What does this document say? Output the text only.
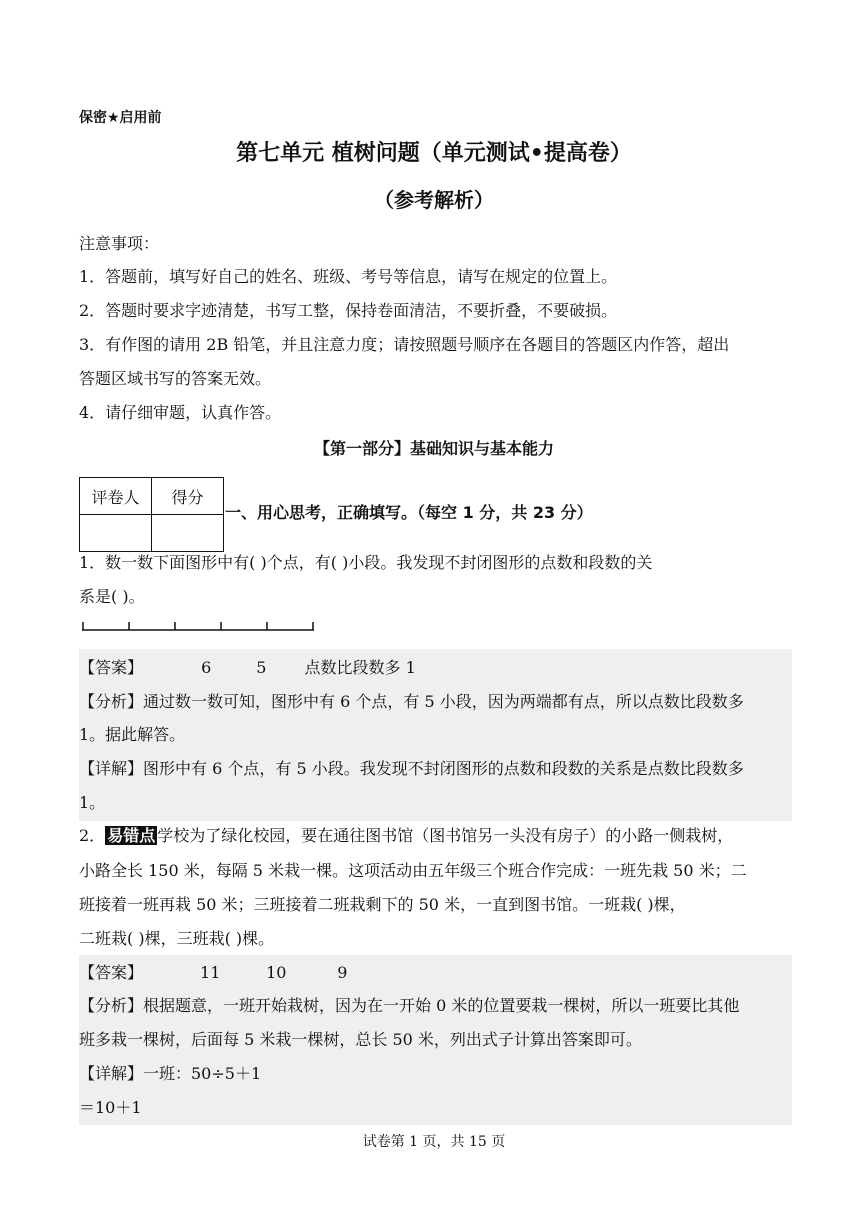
保密★启用前
第七单元 植树问题（单元测试•提高卷）
（参考解析）
注意事项：
1．答题前，填写好自己的姓名、班级、考号等信息，请写在规定的位置上。
2．答题时要求字迹清楚，书写工整，保持卷面清洁，不要折叠，不要破损。
3．有作图的请用 2B 铅笔，并且注意力度；请按照题号顺序在各题目的答题区内作答，超出
答题区域书写的答案无效。
4．请仔细审题，认真作答。
【第一部分】基础知识与基本能力
评卷人	得分

一、用心思考，正确填写。（每空 1 分，共 23 分）
1．数一数下面图形中有( )个点，有( )小段。我发现不封闭图形的点数和段数的关
系是( )。
【答案】	6	5 点数比段数多 1
【分析】通过数一数可知，图形中有 6 个点，有 5 小段，因为两端都有点，所以点数比段数多
1。据此解答。
【详解】图形中有 6 个点，有 5 小段。我发现不封闭图形的点数和段数的关系是点数比段数多
1。
2． 易错点 学校为了绿化校园，要在通往图书馆（图书馆另一头没有房子）的小路一侧栽树，
小路全长 150 米，每隔 5 米栽一棵。这项活动由五年级三个班合作完成：一班先栽 50 米；二
班接着一班再栽 50 米；三班接着二班栽剩下的 50 米，一直到图书馆。一班栽( )棵，
二班栽( )棵，三班栽( )棵。
【答案】	11	10	9
【分析】根据题意，一班开始栽树，因为在一开始 0 米的位置要栽一棵树，所以一班要比其他
班多栽一棵树，后面每 5 米栽一棵树，总长 50 米，列出式子计算出答案即可。
【详解】一班：50÷5＋1
＝10＋1
试卷第 1 页，共 15 页
